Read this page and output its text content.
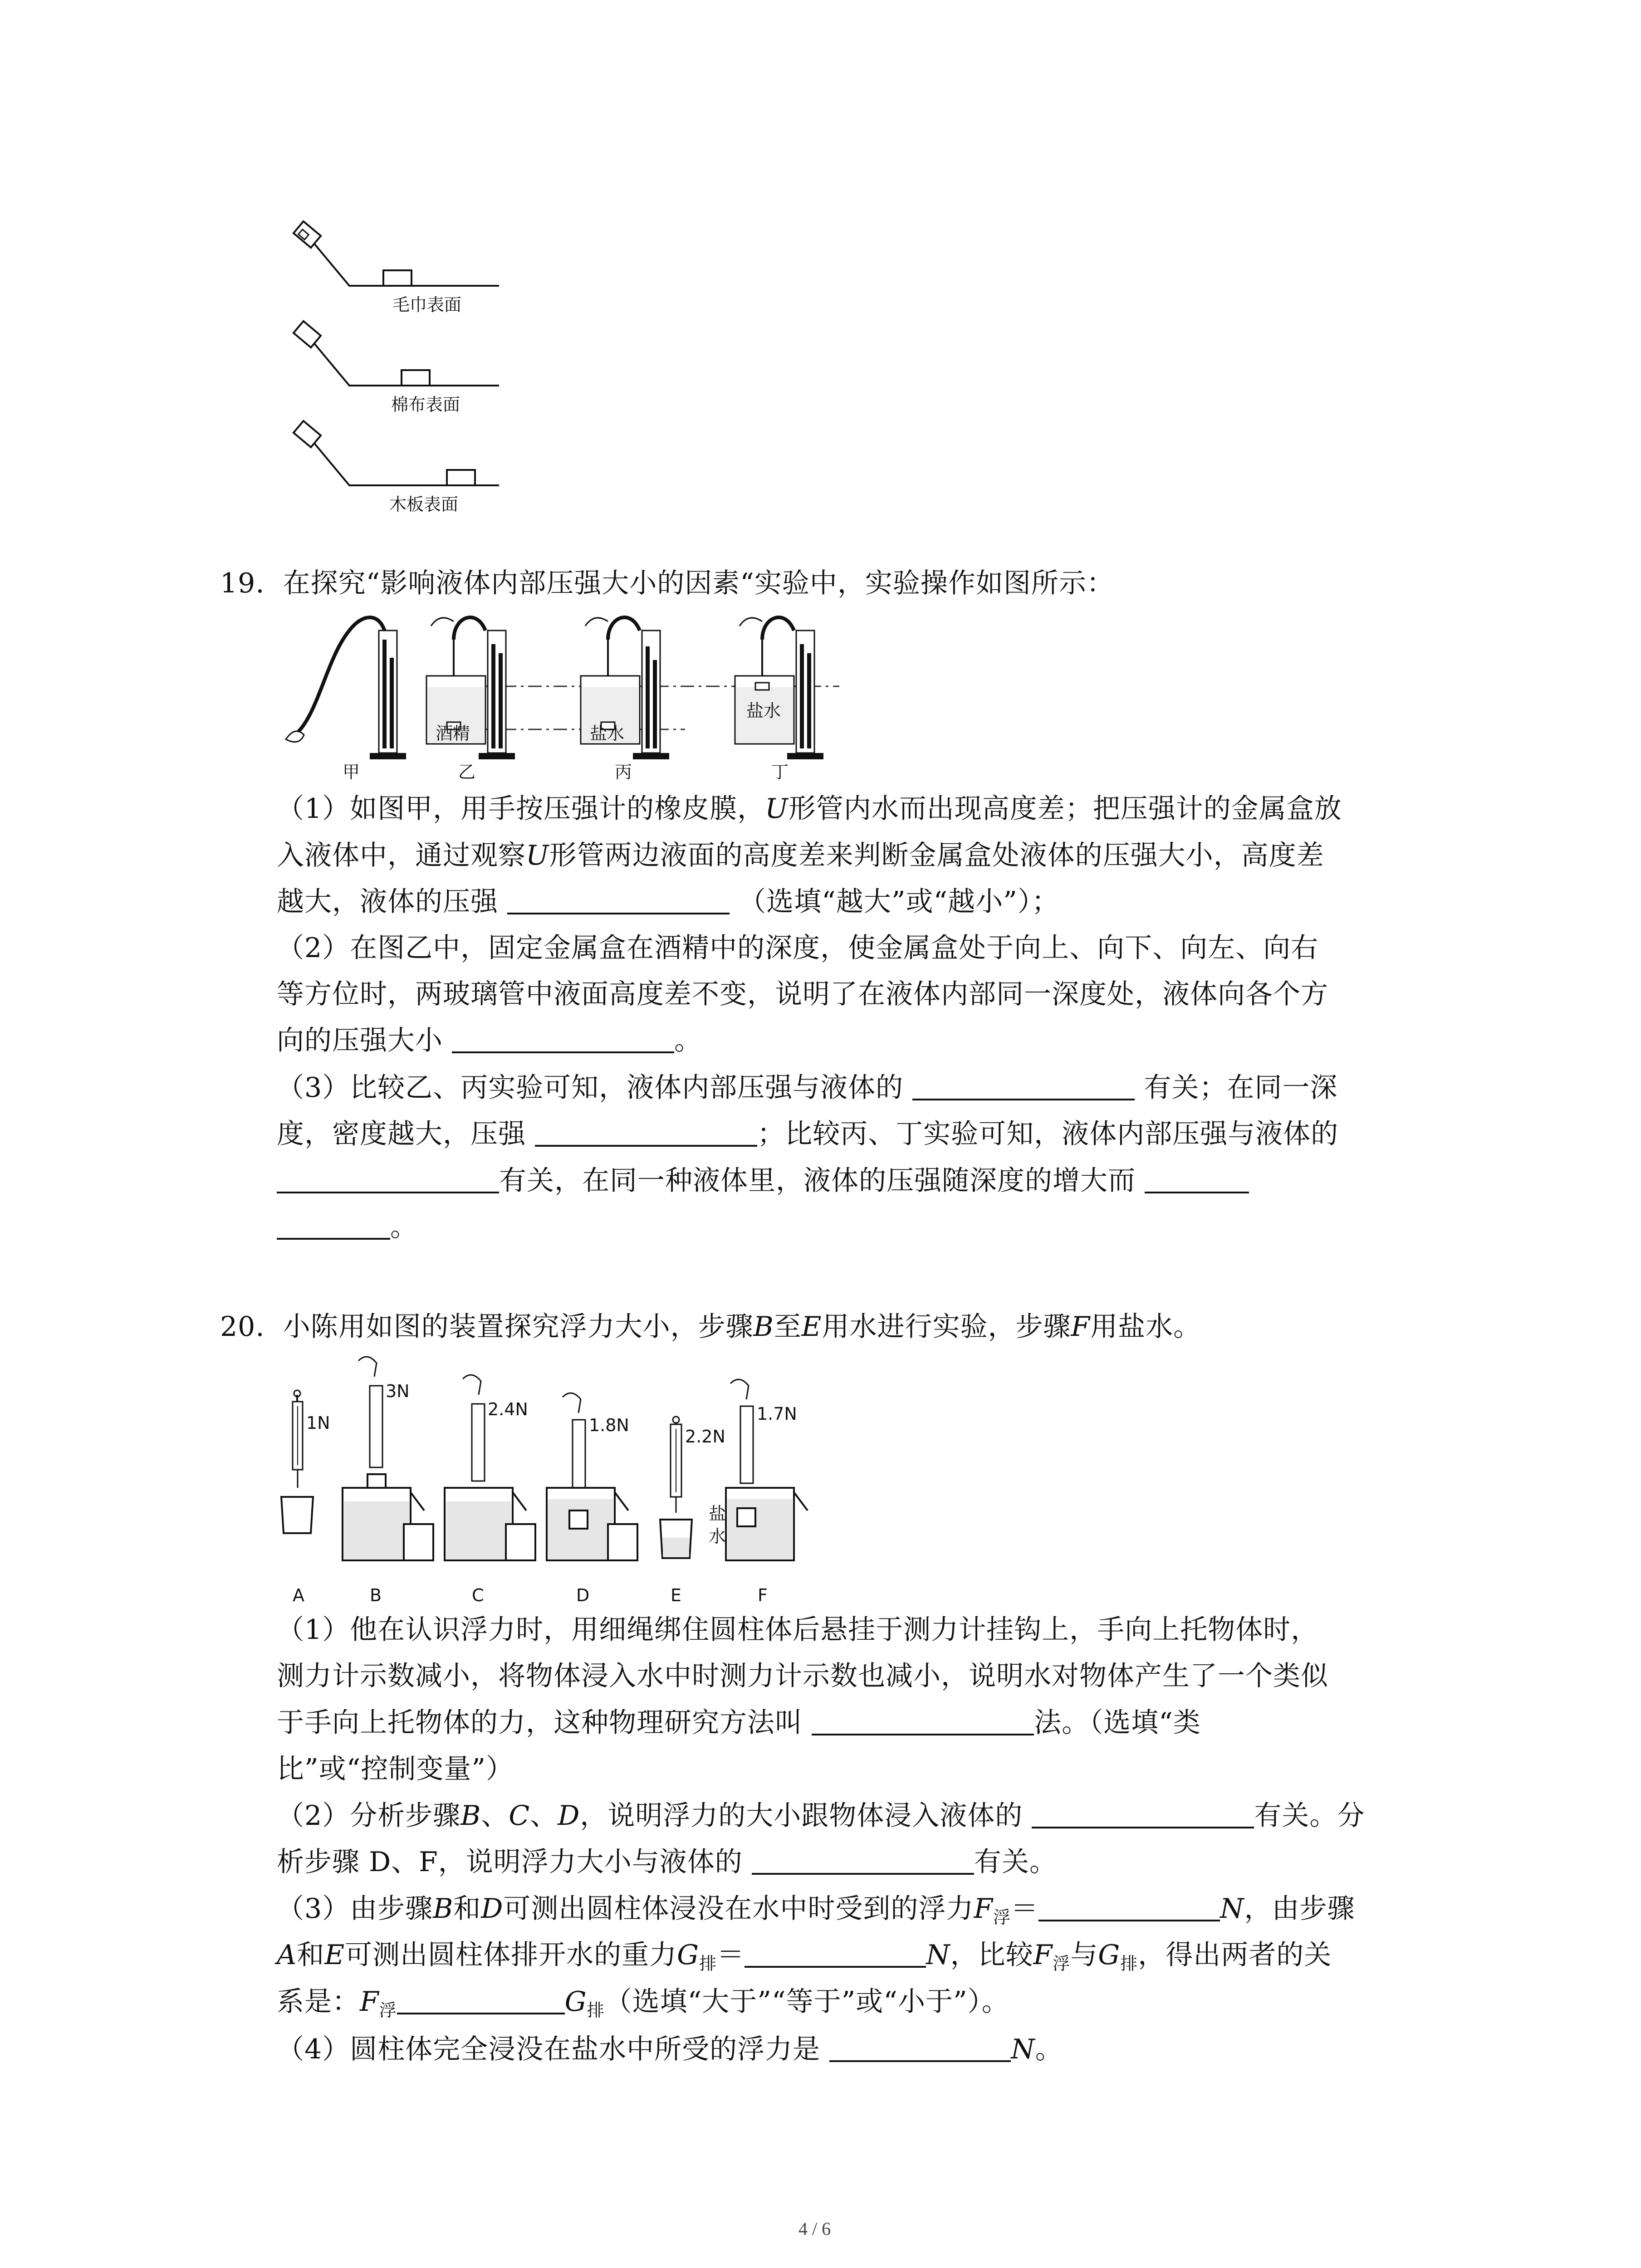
毛巾表面
棉布表面
木板表面
19. 在探究“影响液体内部压强大小的因素“实验中，实验操作如图所示：
甲
酒精
乙
盐水
丙
盐水
丁
（1）如图甲，用手按压强计的橡皮膜，U形管内水而出现高度差；把压强计的金属盒放
入液体中，通过观察U形管两边液面的高度差来判断金属盒处液体的压强大小，高度差
越大，液体的压强	（选填“越大”或“越小”）；
（2）在图乙中，固定金属盒在酒精中的深度，使金属盒处于向上、向下、向左、向右
等方位时，两玻璃管中液面高度差不变，说明了在液体内部同一深度处，液体向各个方
向的压强大小	。
（3）比较乙、丙实验可知，液体内部压强与液体的	有关；在同一深
度，密度越大，压强	；比较丙、丁实验可知，液体内部压强与液体的
有关，在同一种液体里，液体的压强随深度的增大而
。
20. 小陈用如图的装置探究浮力大小，步骤B至E用水进行实验，步骤F用盐水。
1N
A
3N
B
2.4N
C
1.8N
D
2.2N
E
1.7N
盐
水
F
（1）他在认识浮力时，用细绳绑住圆柱体后悬挂于测力计挂钩上，手向上托物体时，
测力计示数减小，将物体浸入水中时测力计示数也减小，说明水对物体产生了一个类似
于手向上托物体的力，这种物理研究方法叫	法。（选填“类
比”或“控制变量”）
（2）分析步骤B、C、D，说明浮力的大小跟物体浸入液体的	有关。分
析步骤 D、F，说明浮力大小与液体的	有关。
（3）由步骤B和D可测出圆柱体浸没在水中时受到的浮力$F_浮=$	N，由步骤
A和E可测出圆柱体排开水的重力$G_排=$	N，比较$F_浮$与$G_排$，得出两者的关
系是：$F_浮$	$G_排$（选填“大于”“等于”或“小于”）。
（4）圆柱体完全浸没在盐水中所受的浮力是	N。
4 / 6
